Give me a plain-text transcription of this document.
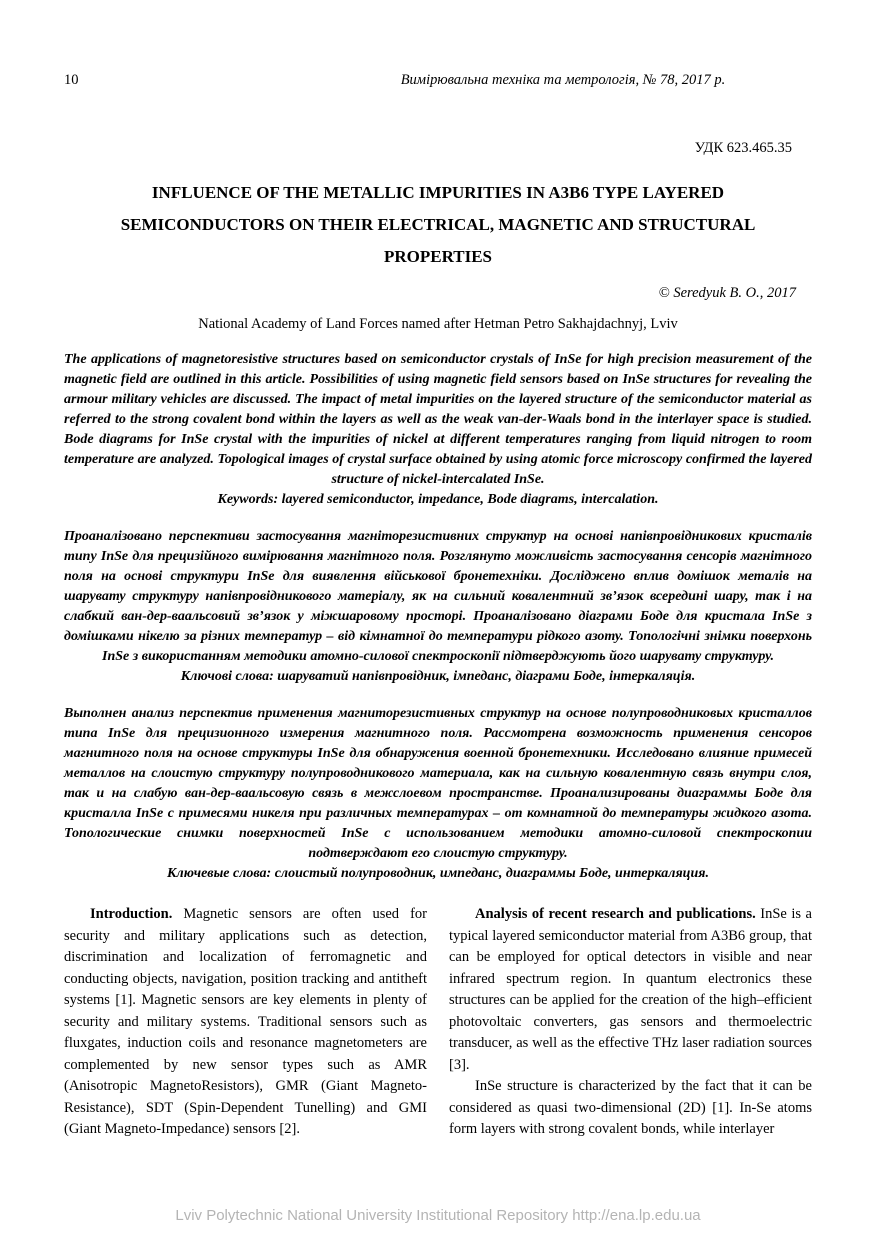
10	Вимірювальна техніка та метрологія, № 78, 2017 р.
УДК 623.465.35
INFLUENCE OF THE METALLIC IMPURITIES IN A3B6 TYPE LAYERED SEMICONDUCTORS ON THEIR ELECTRICAL, MAGNETIC AND STRUCTURAL PROPERTIES
© Seredyuk B. O., 2017
National Academy of Land Forces named after Hetman Petro Sakhajdachnyj, Lviv

The applications of magnetoresistive structures based on semiconductor crystals of InSe for high precision measurement of the magnetic field are outlined in this article. Possibilities of using magnetic field sensors based on InSe structures for revealing the armour military vehicles are discussed. The impact of metal impurities on the layered structure of the semiconductor material as referred to the strong covalent bond within the layers as well as the weak van-der-Waals bond in the interlayer space is studied. Bode diagrams for InSe crystal with the impurities of nickel at different temperatures ranging from liquid nitrogen to room temperature are analyzed. Topological images of crystal surface obtained by using atomic force microscopy confirmed the layered structure of nickel-intercalated InSe.

Keywords: layered semiconductor, impedance, Bode diagrams, intercalation.

Проаналізовано перспективи застосування магніторезистивних структур на основі напівпровідникових кристалів типу InSe для прецизійного вимірювання магнітного поля. Розглянуто можливість застосування сенсорів магнітного поля на основі структури InSe для виявлення військової бронетехніки. Досліджено вплив домішок металів на шарувату структуру напівпровідникового матеріалу, як на сильний ковалентний зв’язок всередині шару, так і на слабкий ван-дер-ваальсовий зв’язок у міжшаровому просторі. Проаналізовано діаграми Боде для кристала InSe з домішками нікелю за різних температур – від кімнатної до температури рідкого азоту. Топологічні знімки поверхонь InSe з використанням методики атомно-силової спектроскопії підтверджують його шарувату структуру.

Ключові слова: шаруватий напівпровідник, імпеданс, діаграми Боде, інтеркаляція.

Выполнен анализ перспектив применения магниторезистивных структур на основе полупроводниковых кристаллов типа InSe для прецизионного измерения магнитного поля. Рассмотрена возможность применения сенсоров магнитного поля на основе структуры InSe для обнаружения военной бронетехники. Исследовано влияние примесей металлов на слоистую структуру полупроводникового материала, как на сильную ковалентную связь внутри слоя, так и на слабую ван-дер-ваальсовую связь в межслоевом пространстве. Проанализированы диаграммы Боде для кристалла InSe с примесями никеля при различных температурах – от комнатной до температуры жидкого азота. Топологические снимки поверхностей InSe с использованием методики атомно-силовой спектроскопии подтверждают его слоистую структуру.

Ключевые слова: слоистый полупроводник, импеданс, диаграммы Боде, интеркаляция.

Introduction. Magnetic sensors are often used for security and military applications such as detection, discrimination and localization of ferromagnetic and conducting objects, navigation, position tracking and antitheft systems [1]. Magnetic sensors are key elements in plenty of security and military systems. Traditional sensors such as fluxgates, induction coils and resonance magnetometers are complemented by new sensor types such as AMR (Anisotropic MagnetoResistors), GMR (Giant Magneto-Resistance), SDT (Spin-Dependent Tunelling) and GMI (Giant Magneto-Impedance) sensors [2].

Analysis of recent research and publications. InSe is a typical layered semiconductor material from A3B6 group, that can be employed for optical detectors in visible and near infrared spectrum region. In quantum electronics these structures can be applied for the creation of the high–efficient photovoltaic converters, gas sensors and thermoelectric transducer, as well as the effective THz laser radiation sources [3].

InSe structure is characterized by the fact that it can be considered as quasi two-dimensional (2D) [1]. In-Se atoms form layers with strong covalent bonds, while interlayer

Lviv Polytechnic National University Institutional Repository http://ena.lp.edu.ua
